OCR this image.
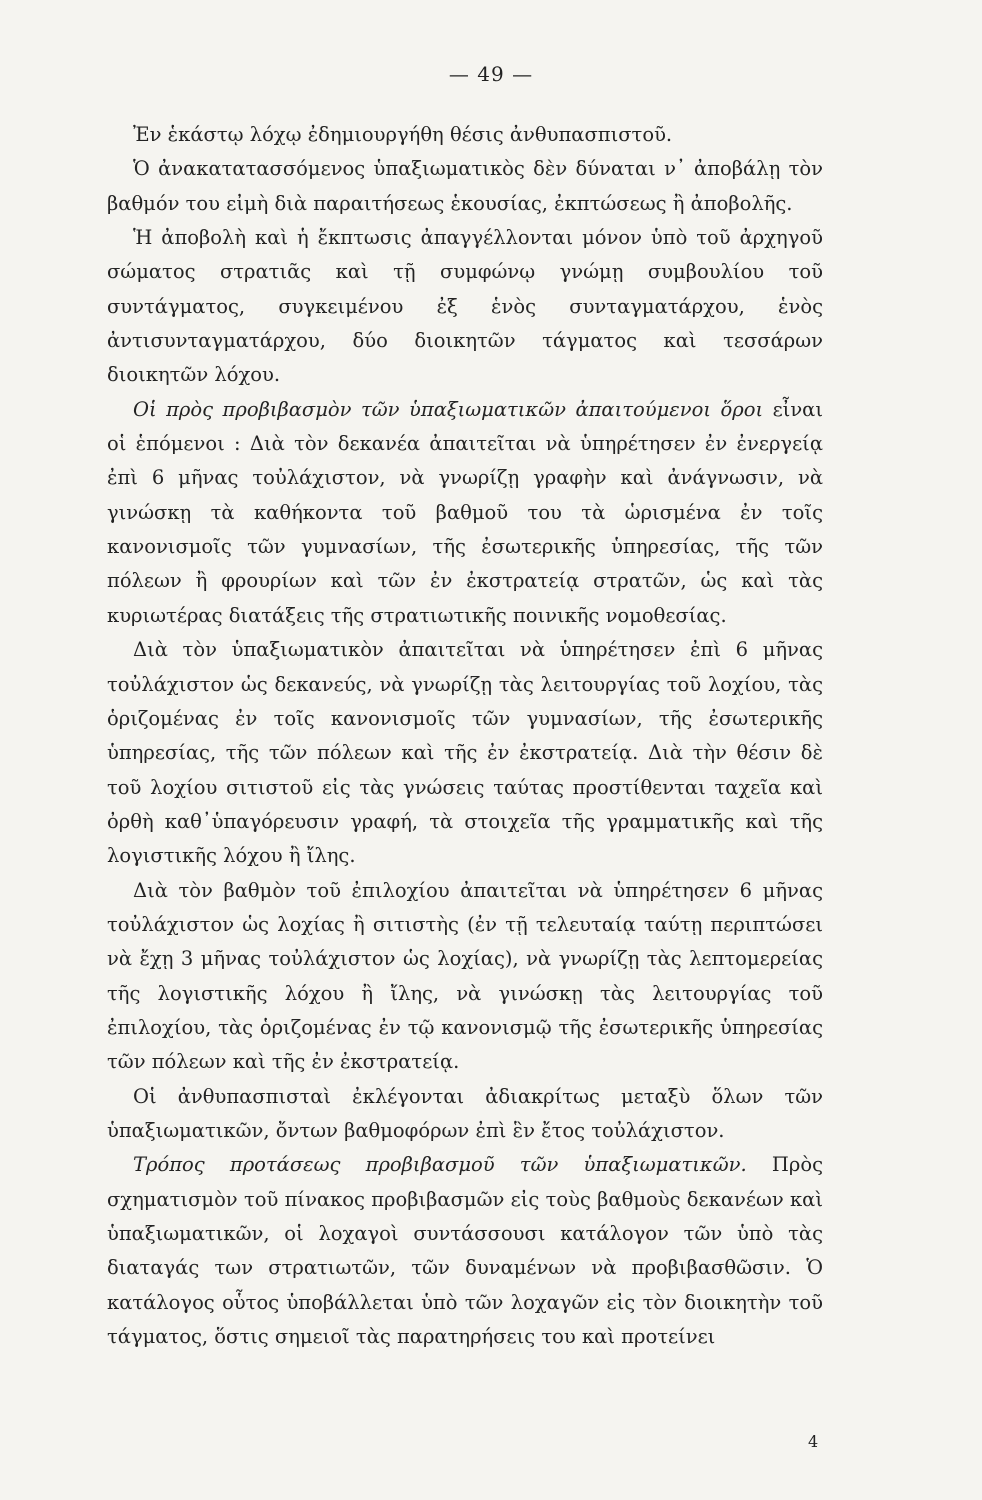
— 49 —

Ἐν ἑκάστῳ λόχῳ ἐδημιουργήθη θέσις ἀνθυπασπιστοῦ.

Ὁ ἀνακατατασσόμενος ὑπαξιωματικὸς δὲν δύναται ν᾿ ἀποβάλῃ τὸν βαθμόν του εἰμὴ διὰ παραιτήσεως ἑκουσίας, ἐκπτώσεως ἢ ἀποβολῆς.

Ἡ ἀποβολὴ καὶ ἡ ἔκπτωσις ἀπαγγέλλονται μόνον ὑπὸ τοῦ ἀρχηγοῦ σώματος στρατιᾶς καὶ τῇ συμφώνῳ γνώμῃ συμβουλίου τοῦ συντάγματος, συγκειμένου ἐξ ἑνὸς συνταγματάρχου, ἑνὸς ἀντισυνταγματάρχου, δύο διοικητῶν τάγματος καὶ τεσσάρων διοικητῶν λόχου.

Οἱ πρὸς προβιβασμὸν τῶν ὑπαξιωματικῶν ἀπαιτούμενοι ὅροι εἶναι οἱ ἑπόμενοι : Διὰ τὸν δεκανέα ἀπαιτεῖται νὰ ὑπηρέτησεν ἐν ἐνεργείᾳ ἐπὶ 6 μῆνας τοὐλάχιστον, νὰ γνωρίζῃ γραφὴν καὶ ἀνάγνωσιν, νὰ γινώσκῃ τὰ καθήκοντα τοῦ βαθμοῦ του τὰ ὡρισμένα ἐν τοῖς κανονισμοῖς τῶν γυμνασίων, τῆς ἐσωτερικῆς ὑπηρεσίας, τῆς τῶν πόλεων ἢ φρουρίων καὶ τῶν ἐν ἐκστρατείᾳ στρατῶν, ὡς καὶ τὰς κυριωτέρας διατάξεις τῆς στρατιωτικῆς ποινικῆς νομοθεσίας.

Διὰ τὸν ὑπαξιωματικὸν ἀπαιτεῖται νὰ ὑπηρέτησεν ἐπὶ 6 μῆνας τοὐλάχιστον ὡς δεκανεύς, νὰ γνωρίζῃ τὰς λειτουργίας τοῦ λοχίου, τὰς ὁριζομένας ἐν τοῖς κανονισμοῖς τῶν γυμνασίων, τῆς ἐσωτερικῆς ὑπηρεσίας, τῆς τῶν πόλεων καὶ τῆς ἐν ἐκστρατείᾳ. Διὰ τὴν θέσιν δὲ τοῦ λοχίου σιτιστοῦ εἰς τὰς γνώσεις ταύτας προστίθενται ταχεῖα καὶ ὀρθὴ καθ᾿ὑπαγόρευσιν γραφή, τὰ στοιχεῖα τῆς γραμματικῆς καὶ τῆς λογιστικῆς λόχου ἢ ἴλης.

Διὰ τὸν βαθμὸν τοῦ ἐπιλοχίου ἀπαιτεῖται νὰ ὑπηρέτησεν 6 μῆνας τοὐλάχιστον ὡς λοχίας ἢ σιτιστὴς (ἐν τῇ τελευταίᾳ ταύτῃ περιπτώσει νὰ ἔχῃ 3 μῆνας τοὐλάχιστον ὡς λοχίας), νὰ γνωρίζῃ τὰς λεπτομερείας τῆς λογιστικῆς λόχου ἢ ἴλης, νὰ γινώσκῃ τὰς λειτουργίας τοῦ ἐπιλοχίου, τὰς ὁριζομένας ἐν τῷ κανονισμῷ τῆς ἐσωτερικῆς ὑπηρεσίας τῶν πόλεων καὶ τῆς ἐν ἐκστρατείᾳ.

Οἱ ἀνθυπασπισταὶ ἐκλέγονται ἀδιακρίτως μεταξὺ ὅλων τῶν ὑπαξιωματικῶν, ὄντων βαθμοφόρων ἐπὶ ἓν ἔτος τοὐλάχιστον.

Τρόπος προτάσεως προβιβασμοῦ τῶν ὑπαξιωματικῶν. Πρὸς σχηματισμὸν τοῦ πίνακος προβιβασμῶν εἰς τοὺς βαθμοὺς δεκανέων καὶ ὑπαξιωματικῶν, οἱ λοχαγοὶ συντάσσουσι κατάλογον τῶν ὑπὸ τὰς διαταγάς των στρατιωτῶν, τῶν δυναμένων νὰ προβιβασθῶσιν. Ὁ κατάλογος οὗτος ὑποβάλλεται ὑπὸ τῶν λοχαγῶν εἰς τὸν διοικητὴν τοῦ τάγματος, ὅστις σημειοῖ τὰς παρατηρήσεις του καὶ προτείνει

4
